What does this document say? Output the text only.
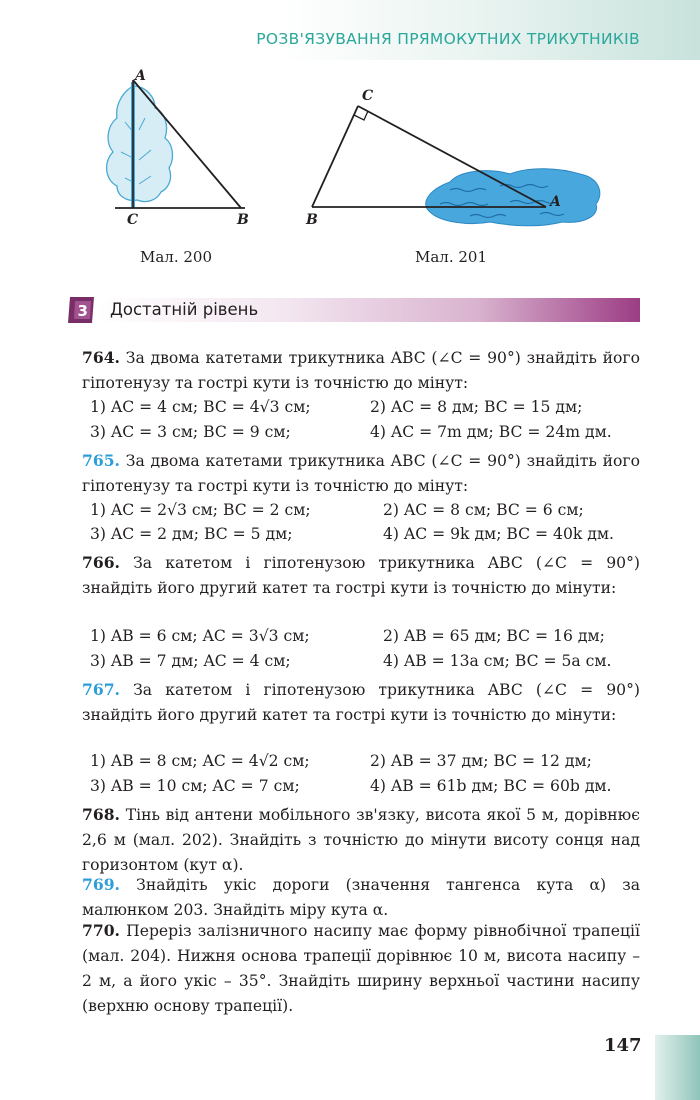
РОЗВ'ЯЗУВАННЯ ПРЯМОКУТНИХ ТРИКУТНИКІВ
A
C	B
Мал. 200
C
B
A
Мал. 201
3 Достатній рівень
764. За двома катетами трикутника ABC (∠C = 90°) знайдіть його гіпотенузу та гострі кути із точністю до мінут:
1) AC = 4 см; BC = 4√3 см;	2) AC = 8 дм; BC = 15 дм;
3) AC = 3 см; BC = 9 см;	4) AC = 7m дм; BC = 24m дм.
765. За двома катетами трикутника ABC (∠C = 90°) знайдіть його гіпотенузу та гострі кути із точністю до мінут:
1) AC = 2√3 см; BC = 2 см;	2) AC = 8 см; BC = 6 см;
3) AC = 2 дм; BC = 5 дм;	4) AC = 9k дм; BC = 40k дм.
766. За катетом і гіпотенузою трикутника ABC (∠C = 90°) знайдіть його другий катет та гострі кути із точністю до мінути:
1) AB = 6 см; AC = 3√3 см;	2) AB = 65 дм; BC = 16 дм;
3) AB = 7 дм; AC = 4 см;	4) AB = 13a см; BC = 5a см.
767. За катетом і гіпотенузою трикутника ABC (∠C = 90°) знайдіть його другий катет та гострі кути із точністю до мінути:
1) AB = 8 см; AC = 4√2 см;	2) AB = 37 дм; BC = 12 дм;
3) AB = 10 см; AC = 7 см;	4) AB = 61b дм; BC = 60b дм.
768. Тінь від антени мобільного зв'язку, висота якої 5 м, дорівнює 2,6 м (мал. 202). Знайдіть з точністю до мінути висоту сонця над горизонтом (кут α).
769. Знайдіть укіс дороги (значення тангенса кута α) за малюнком 203. Знайдіть міру кута α.
770. Переріз залізничного насипу має форму рівнобічної трапеції (мал. 204). Нижня основа трапеції дорівнює 10 м, висота насипу – 2 м, а його укіс – 35°. Знайдіть ширину верхньої частини насипу (верхню основу трапеції).
147
